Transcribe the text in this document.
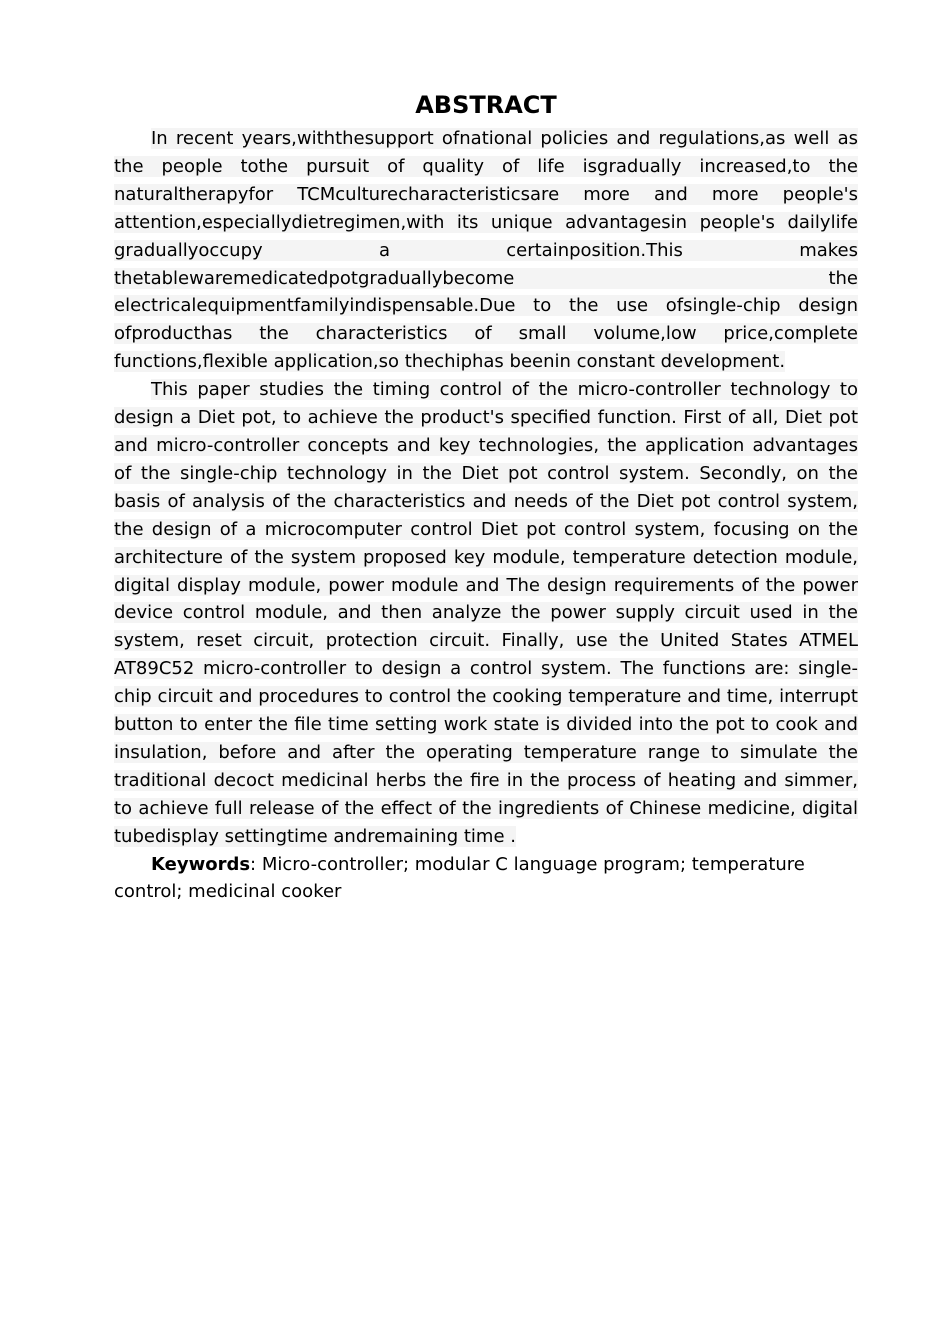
ABSTRACT

In recent years,withthesupport ofnational policies and regulations,as well as the people tothe pursuit of quality of life isgradually increased,to the naturaltherapyfor TCMculturecharacteristicsare more and more people's attention,especiallydietregimen,with its unique advantagesin people's dailylife graduallyoccupy a certainposition.This makes thetablewaremedicatedpotgraduallybecome the electricalequipmentfamilyindispensable.Due to the use ofsingle-chip design ofproducthas the characteristics of small volume,low price,complete functions,flexible application,so thechiphas beenin constant development.

This paper studies the timing control of the micro-controller technology to design a Diet pot, to achieve the product's specified function. First of all, Diet pot and micro-controller concepts and key technologies, the application advantages of the single-chip technology in the Diet pot control system. Secondly, on the basis of analysis of the characteristics and needs of the Diet pot control system, the design of a microcomputer control Diet pot control system, focusing on the architecture of the system proposed key module, temperature detection module, digital display module, power module and The design requirements of the power device control module, and then analyze the power supply circuit used in the system, reset circuit, protection circuit. Finally, use the United States ATMEL AT89C52 micro-controller to design a control system. The functions are: single-chip circuit and procedures to control the cooking temperature and time, interrupt button to enter the file time setting work state is divided into the pot to cook and insulation, before and after the operating temperature range to simulate the traditional decoct medicinal herbs the fire in the process of heating and simmer, to achieve full release of the effect of the ingredients of Chinese medicine, digital tubedisplay settingtime andremaining time .

Keywords: Micro-controller; modular C language program; temperature control; medicinal cooker
